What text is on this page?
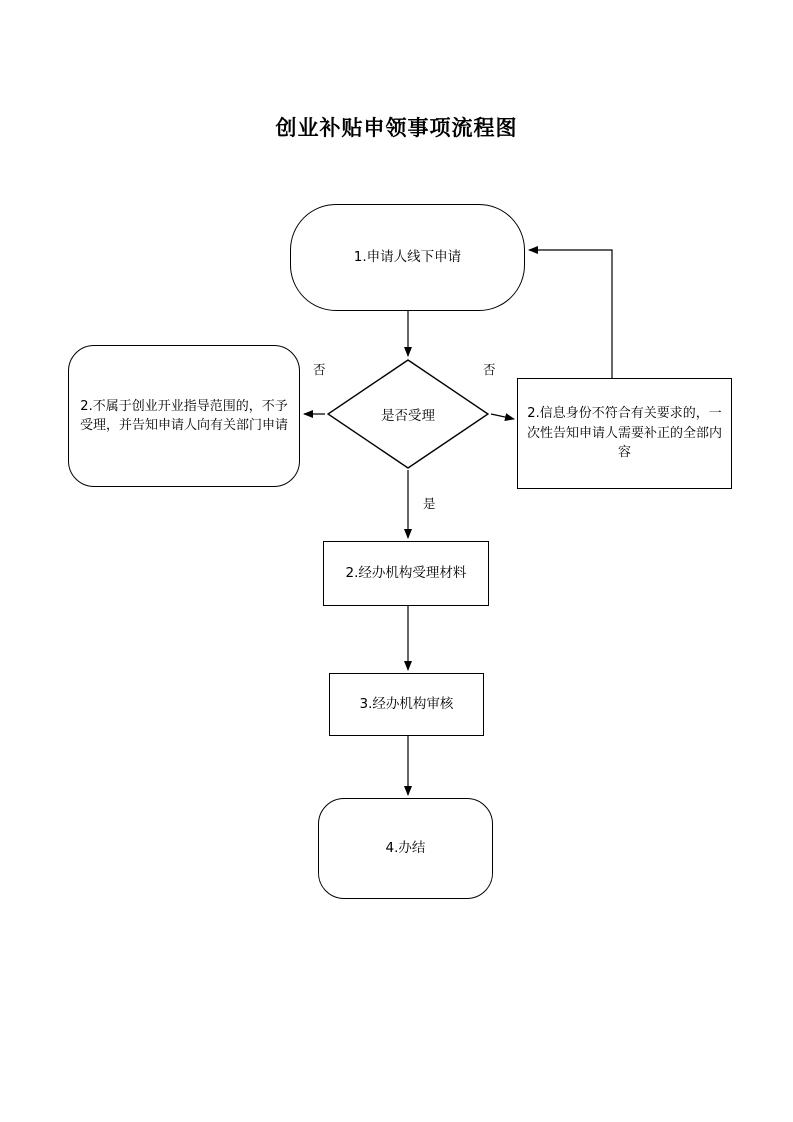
创业补贴申领事项流程图
1.申请人线下申请
是否受理
2.不属于创业开业指导范围的，不予受理，并告知申请人向有关部门申请
2.信息身份不符合有关要求的，一次性告知申请人需要补正的全部内容
2.经办机构受理材料
3.经办机构审核
4.办结
否	否
是
